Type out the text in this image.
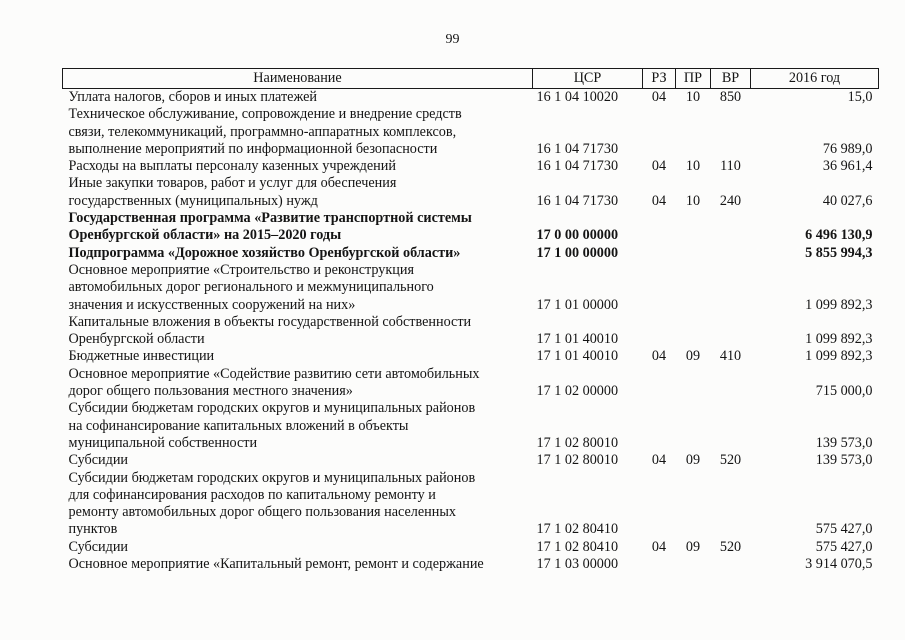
99
Наименование	ЦСР	РЗ	ПР	ВР	2016 год

Уплата налогов, сборов и иных платежей	16 1 04 10020	04	10	850	15,0

Техническое обслуживание, сопровождение и внедрение средств
связи, телекоммуникаций, программно-аппаратных комплексов,
выполнение мероприятий по информационной безопасности	16 1 04 71730				76 989,0

Расходы на выплаты персоналу казенных учреждений	16 1 04 71730	04	10	110	36 961,4

Иные закупки товаров, работ и услуг для обеспечения
государственных (муниципальных) нужд	16 1 04 71730	04	10	240	40 027,6

Государственная программа «Развитие транспортной системы
Оренбургской области» на 2015–2020 годы	17 0 00 00000				6 496 130,9

Подпрограмма «Дорожное хозяйство Оренбургской области»	17 1 00 00000				5 855 994,3

Основное мероприятие «Строительство и реконструкция
автомобильных дорог регионального и межмуниципального
значения и искусственных сооружений на них»	17 1 01 00000				1 099 892,3

Капитальные вложения в объекты государственной собственности
Оренбургской области	17 1 01 40010				1 099 892,3

Бюджетные инвестиции	17 1 01 40010	04	09	410	1 099 892,3

Основное мероприятие «Содействие развитию сети автомобильных
дорог общего пользования местного значения»	17 1 02 00000				715 000,0

Субсидии бюджетам городских округов и муниципальных районов
на софинансирование капитальных вложений в объекты
муниципальной собственности	17 1 02 80010				139 573,0

Субсидии	17 1 02 80010	04	09	520	139 573,0

Субсидии бюджетам городских округов и муниципальных районов
для софинансирования расходов по капитальному ремонту и
ремонту автомобильных дорог общего пользования населенных
пунктов	17 1 02 80410				575 427,0

Субсидии	17 1 02 80410	04	09	520	575 427,0

Основное мероприятие «Капитальный ремонт, ремонт и содержание	17 1 03 00000				3 914 070,5
